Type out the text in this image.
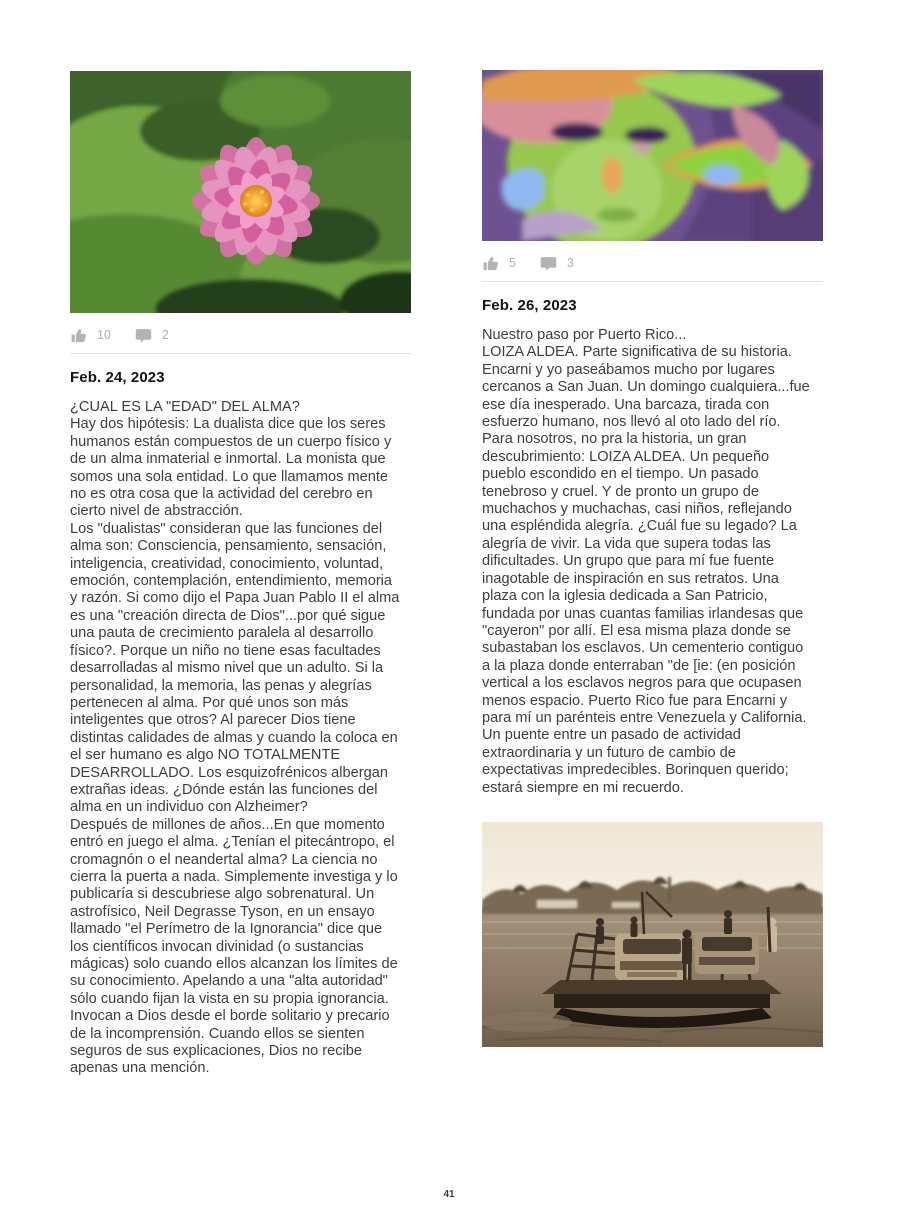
10	2
Feb. 24, 2023
¿CUAL ES LA "EDAD" DEL ALMA?
Hay dos hipótesis: La dualista dice que los seres
humanos están compuestos de un cuerpo físico y
de un alma inmaterial e inmortal. La monista que
somos una sola entidad. Lo que llamamos mente
no es otra cosa que la actividad del cerebro en
cierto nivel de abstracción.
Los "dualistas" consideran que las funciones del
alma son: Consciencia, pensamiento, sensación,
inteligencia, creatividad, conocimiento, voluntad,
emoción, contemplación, entendimiento, memoria
y razón. Si como dijo el Papa Juan Pablo II el alma
es una "creación directa de Dios"...por qué sigue
una pauta de crecimiento paralela al desarrollo
físico?. Porque un niño no tiene esas facultades
desarrolladas al mismo nivel que un adulto. Si la
personalidad, la memoria, las penas y alegrías
pertenecen al alma. Por qué unos son más
inteligentes que otros? Al parecer Dios tiene
distintas calidades de almas y cuando la coloca en
el ser humano es algo NO TOTALMENTE
DESARROLLADO. Los esquizofrénicos albergan
extrañas ideas. ¿Dónde están las funciones del
alma en un individuo con Alzheimer?
Después de millones de años...En que momento
entró en juego el alma. ¿Tenían el pitecántropo, el
cromagnón o el neandertal alma? La ciencia no
cierra la puerta a nada. Simplemente investiga y lo
publicaría si descubriese algo sobrenatural. Un
astrofísico, Neil Degrasse Tyson, en un ensayo
llamado "el Perímetro de la Ignorancia" dice que
los científicos invocan divinidad (o sustancias
mágicas) solo cuando ellos alcanzan los límites de
su conocimiento. Apelando a una "alta autoridad"
sólo cuando fijan la vista en su propia ignorancia.
Invocan a Dios desde el borde solitario y precario
de la incomprensión. Cuando ellos se sienten
seguros de sus explicaciones, Dios no recibe
apenas una mención.
5	3
Feb. 26, 2023
Nuestro paso por Puerto Rico...
LOIZA ALDEA. Parte significativa de su historia.
Encarni y yo paseábamos mucho por lugares
cercanos a San Juan. Un domingo cualquiera...fue
ese día inesperado. Una barcaza, tirada con
esfuerzo humano, nos llevó al oto lado del río.
Para nosotros, no pra la historia, un gran
descubrimiento: LOIZA ALDEA. Un pequeño
pueblo escondido en el tiempo. Un pasado
tenebroso y cruel. Y de pronto un grupo de
muchachos y muchachas, casi niños, reflejando
una espléndida alegría. ¿Cuál fue su legado? La
alegría de vivir. La vida que supera todas las
dificultades. Un grupo que para mí fue fuente
inagotable de inspiración en sus retratos. Una
plaza con la iglesia dedicada a San Patricio,
fundada por unas cuantas familias irlandesas que
"cayeron" por allí. El esa misma plaza donde se
subastaban los esclavos. Un cementerio contiguo
a la plaza donde enterraban "de [ie: (en posición
vertical a los esclavos negros para que ocupasen
menos espacio. Puerto Rico fue para Encarni y
para mí un parénteis entre Venezuela y California.
Un puente entre un pasado de actividad
extraordinaria y un futuro de cambio de
expectativas impredecibles. Borinquen querido;
estará siempre en mi recuerdo.
41
